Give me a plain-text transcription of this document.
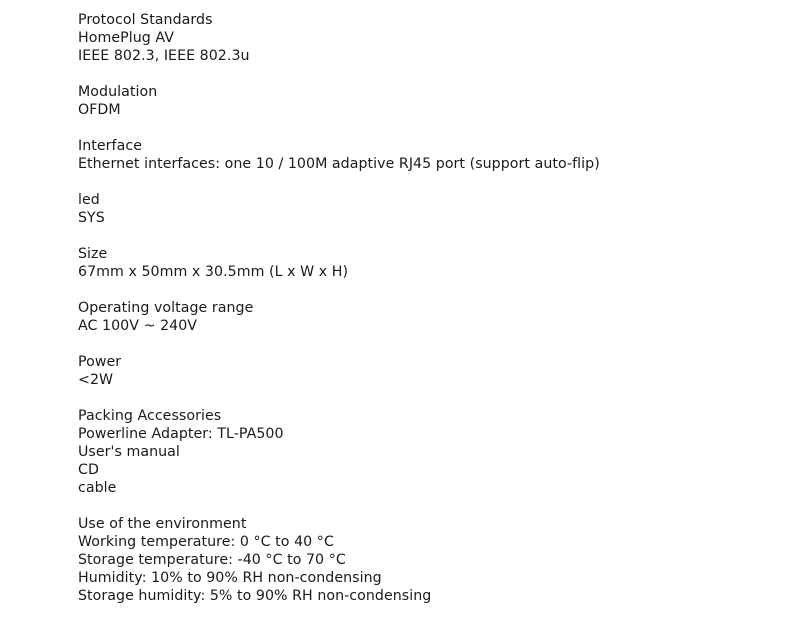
Protocol Standards
HomePlug AV
IEEE 802.3, IEEE 802.3u
Modulation
OFDM
Interface
Ethernet interfaces: one 10 / 100M adaptive RJ45 port (support auto-flip)
led
SYS
Size
67mm x 50mm x 30.5mm (L x W x H)
Operating voltage range
AC 100V ~ 240V
Power
<2W
Packing Accessories
Powerline Adapter: TL-PA500
User's manual
CD
cable
Use of the environment
Working temperature: 0 °C to 40 °C
Storage temperature: -40 °C to 70 °C
Humidity: 10% to 90% RH non-condensing
Storage humidity: 5% to 90% RH non-condensing
